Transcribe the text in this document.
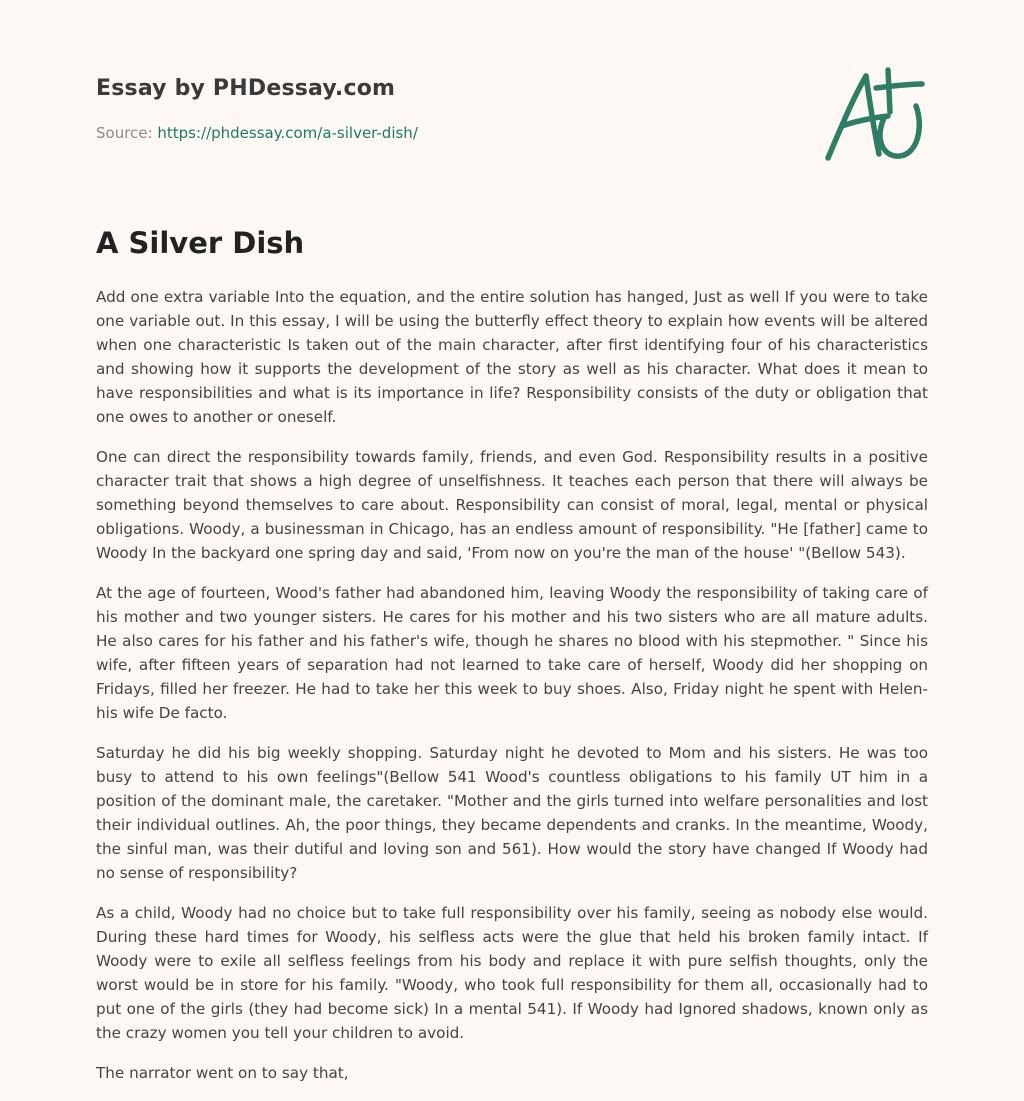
Essay by PHDessay.com
Source: https://phdessay.com/a-silver-dish/
A Silver Dish

Add one extra variable Into the equation, and the entire solution has hanged, Just as well If you were to take one variable out. In this essay, I will be using the butterfly effect theory to explain how events will be altered when one characteristic Is taken out of the main character, after first identifying four of his characteristics and showing how it supports the development of the story as well as his character. What does it mean to have responsibilities and what is its importance in life? Responsibility consists of the duty or obligation that one owes to another or oneself.

One can direct the responsibility towards family, friends, and even God. Responsibility results in a positive character trait that shows a high degree of unselfishness. It teaches each person that there will always be something beyond themselves to care about. Responsibility can consist of moral, legal, mental or physical obligations. Woody, a businessman in Chicago, has an endless amount of responsibility. "He [father] came to Woody In the backyard one spring day and said, 'From now on you're the man of the house' "(Bellow 543).

At the age of fourteen, Wood's father had abandoned him, leaving Woody the responsibility of taking care of his mother and two younger sisters. He cares for his mother and his two sisters who are all mature adults. He also cares for his father and his father's wife, though he shares no blood with his stepmother. " Since his wife, after fifteen years of separation had not learned to take care of herself, Woody did her shopping on Fridays, filled her freezer. He had to take her this week to buy shoes. Also, Friday night he spent with Helen- his wife De facto.

Saturday he did his big weekly shopping. Saturday night he devoted to Mom and his sisters. He was too busy to attend to his own feelings"(Bellow 541 Wood's countless obligations to his family UT him in a position of the dominant male, the caretaker. "Mother and the girls turned into welfare personalities and lost their individual outlines. Ah, the poor things, they became dependents and cranks. In the meantime, Woody, the sinful man, was their dutiful and loving son and 561). How would the story have changed If Woody had no sense of responsibility?

As a child, Woody had no choice but to take full responsibility over his family, seeing as nobody else would. During these hard times for Woody, his selfless acts were the glue that held his broken family intact. If Woody were to exile all selfless feelings from his body and replace it with pure selfish thoughts, only the worst would be in store for his family. "Woody, who took full responsibility for them all, occasionally had to put one of the girls (they had become sick) In a mental 541). If Woody had Ignored shadows, known only as the crazy women you tell your children to avoid.

The narrator went on to say that,
